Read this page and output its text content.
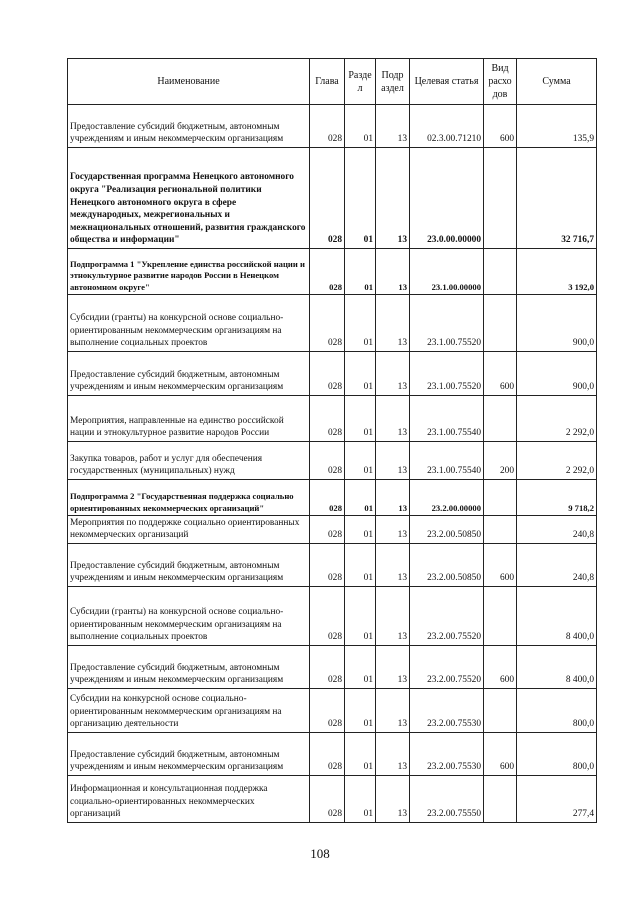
Наименование	Глава	Разде л	Подр аздел	Целевая статья	Вид расхо дов	Сумма
Предоставление субсидий бюджетным, автономным учреждениям и иным некоммерческим организациям	028	01	13	02.3.00.71210	600	135,9
Государственная программа Ненецкого автономного округа "Реализация региональной политики Ненецкого автономного округа в сфере международных, межрегиональных и межнациональных отношений, развития гражданского общества и информации"	028	01	13	23.0.00.00000		32 716,7
Подпрограмма 1 "Укрепление единства российской нации и этнокультурное развитие народов России в Ненецком автономном округе"	028	01	13	23.1.00.00000		3 192,0
Субсидии (гранты) на конкурсной основе социально-ориентированным некоммерческим организациям на выполнение социальных проектов	028	01	13	23.1.00.75520		900,0
Предоставление субсидий бюджетным, автономным учреждениям и иным некоммерческим организациям	028	01	13	23.1.00.75520	600	900,0
Мероприятия, направленные на единство российской нации и этнокультурное развитие народов России	028	01	13	23.1.00.75540		2 292,0
Закупка товаров, работ и услуг для обеспечения государственных (муниципальных) нужд	028	01	13	23.1.00.75540	200	2 292,0
Подпрограмма 2 "Государственная поддержка социально ориентированных некоммерческих организаций"	028	01	13	23.2.00.00000		9 718,2
Мероприятия по поддержке социально ориентированных некоммерческих организаций	028	01	13	23.2.00.50850		240,8
Предоставление субсидий бюджетным, автономным учреждениям и иным некоммерческим организациям	028	01	13	23.2.00.50850	600	240,8
Субсидии (гранты) на конкурсной основе социально-ориентированным некоммерческим организациям на выполнение социальных проектов	028	01	13	23.2.00.75520		8 400,0
Предоставление субсидий бюджетным, автономным учреждениям и иным некоммерческим организациям	028	01	13	23.2.00.75520	600	8 400,0
Субсидии на конкурсной основе социально-ориентированным некоммерческим организациям на организацию деятельности	028	01	13	23.2.00.75530		800,0
Предоставление субсидий бюджетным, автономным учреждениям и иным некоммерческим организациям	028	01	13	23.2.00.75530	600	800,0
Информационная и консультационная поддержка социально-ориентированных некоммерческих организаций	028	01	13	23.2.00.75550		277,4
108
